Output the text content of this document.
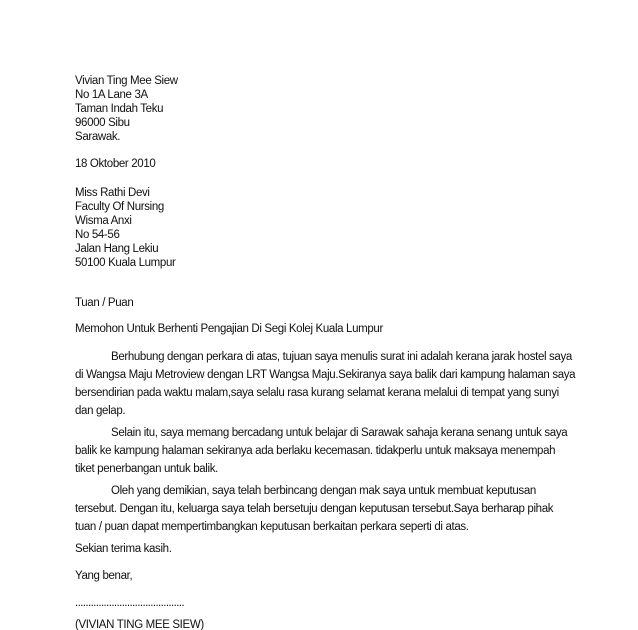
Vivian Ting Mee Siew
No 1A Lane 3A
Taman Indah Teku
96000 Sibu
Sarawak.
18 Oktober 2010
Miss Rathi Devi
Faculty Of Nursing
Wisma Anxi
No 54-56
Jalan Hang Lekiu
50100 Kuala Lumpur
Tuan / Puan
Memohon Untuk Berhenti Pengajian Di Segi Kolej Kuala Lumpur
Berhubung dengan perkara di atas, tujuan saya menulis surat ini adalah kerana jarak hostel saya
di Wangsa Maju Metroview dengan LRT Wangsa Maju.Sekiranya saya balik dari kampung halaman saya
bersendirian pada waktu malam,saya selalu rasa kurang selamat kerana melalui di tempat yang sunyi
dan gelap.
Selain itu, saya memang bercadang untuk belajar di Sarawak sahaja kerana senang untuk saya
balik ke kampung halaman sekiranya ada berlaku kecemasan. tidakperlu untuk maksaya menempah
tiket penerbangan untuk balik.
Oleh yang demikian, saya telah berbincang dengan mak saya untuk membuat keputusan
tersebut. Dengan itu, keluarga saya telah bersetuju dengan keputusan tersebut.Saya berharap pihak
tuan / puan dapat mempertimbangkan keputusan berkaitan perkara seperti di atas.
Sekian terima kasih.
Yang benar,
..........................................
(VIVIAN TING MEE SIEW)
